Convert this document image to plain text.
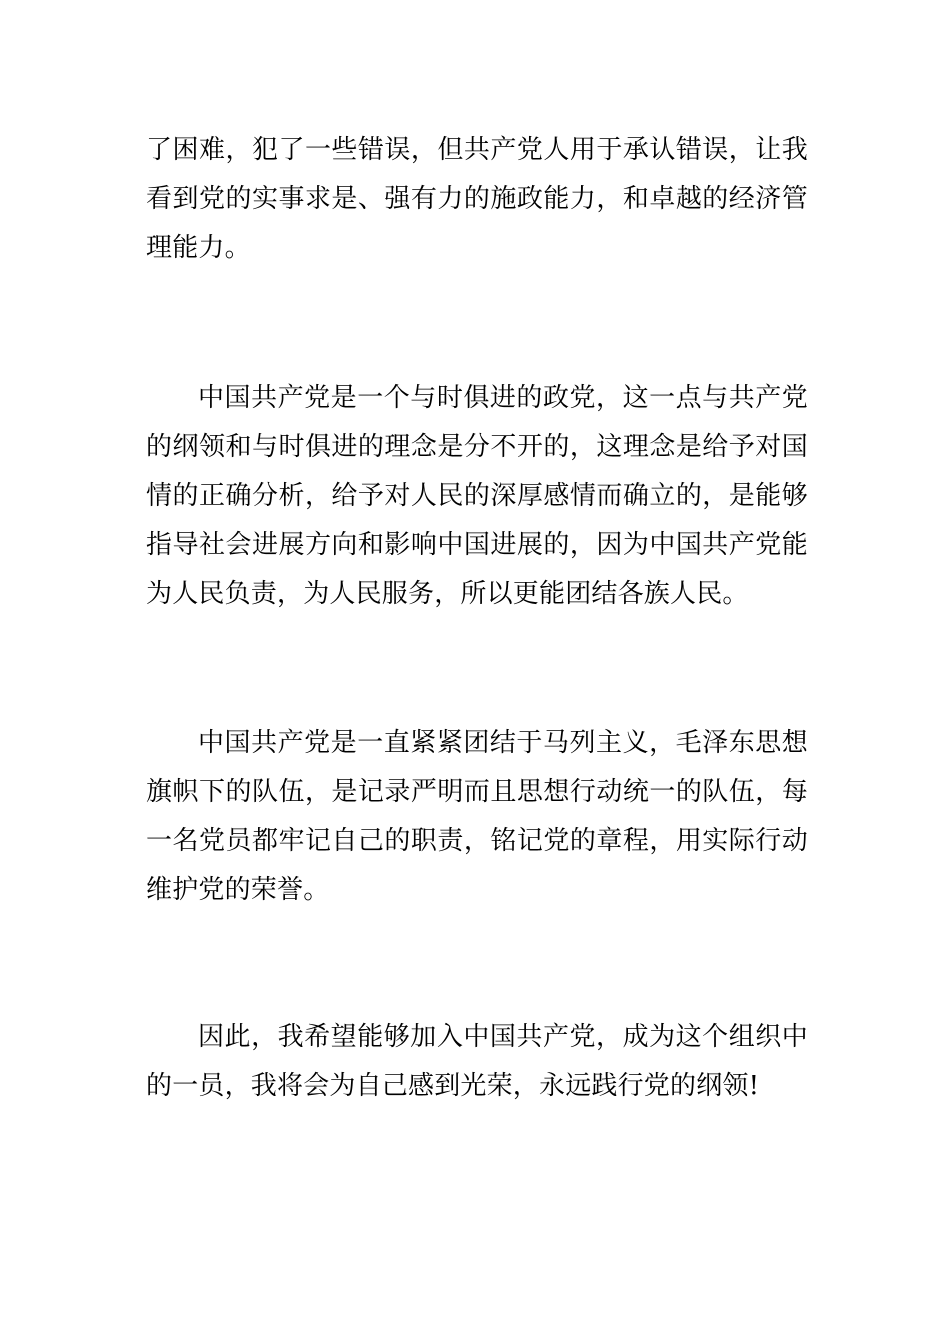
了困难，犯了一些错误，但共产党人用于承认错误，让我看到党的实事求是、强有力的施政能力，和卓越的经济管理能力。

中国共产党是一个与时俱进的政党，这一点与共产党的纲领和与时俱进的理念是分不开的，这理念是给予对国情的正确分析，给予对人民的深厚感情而确立的，是能够指导社会进展方向和影响中国进展的，因为中国共产党能为人民负责，为人民服务，所以更能团结各族人民。

中国共产党是一直紧紧团结于马列主义，毛泽东思想旗帜下的队伍，是记录严明而且思想行动统一的队伍，每一名党员都牢记自己的职责，铭记党的章程，用实际行动维护党的荣誉。

因此，我希望能够加入中国共产党，成为这个组织中的一员，我将会为自己感到光荣，永远践行党的纲领!
